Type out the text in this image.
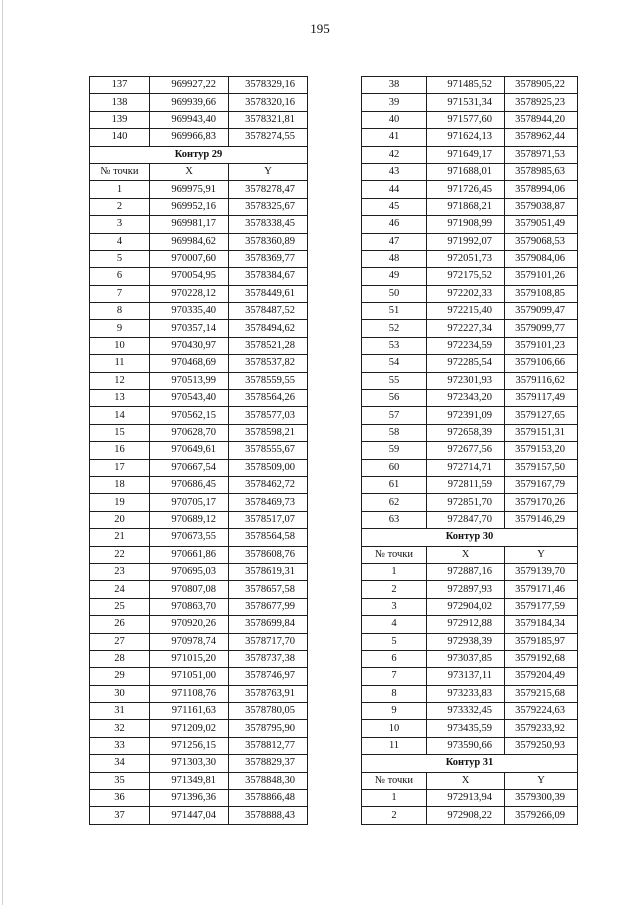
195
137	969927,22	3578329,16
138	969939,66	3578320,16
139	969943,40	3578321,81
140	969966,83	3578274,55
Контур 29		
№ точки	X	Y
1	969975,91	3578278,47
2	969952,16	3578325,67
3	969981,17	3578338,45
4	969984,62	3578360,89
5	970007,60	3578369,77
6	970054,95	3578384,67
7	970228,12	3578449,61
8	970335,40	3578487,52
9	970357,14	3578494,62
10	970430,97	3578521,28
11	970468,69	3578537,82
12	970513,99	3578559,55
13	970543,40	3578564,26
14	970562,15	3578577,03
15	970628,70	3578598,21
16	970649,61	3578555,67
17	970667,54	3578509,00
18	970686,45	3578462,72
19	970705,17	3578469,73
20	970689,12	3578517,07
21	970673,55	3578564,58
22	970661,86	3578608,76
23	970695,03	3578619,31
24	970807,08	3578657,58
25	970863,70	3578677,99
26	970920,26	3578699,84
27	970978,74	3578717,70
28	971015,20	3578737,38
29	971051,00	3578746,97
30	971108,76	3578763,91
31	971161,63	3578780,05
32	971209,02	3578795,90
33	971256,15	3578812,77
34	971303,30	3578829,37
35	971349,81	3578848,30
36	971396,36	3578866,48
37	971447,04	3578888,43
38	971485,52	3578905,22
39	971531,34	3578925,23
40	971577,60	3578944,20
41	971624,13	3578962,44
42	971649,17	3578971,53
43	971688,01	3578985,63
44	971726,45	3578994,06
45	971868,21	3579038,87
46	971908,99	3579051,49
47	971992,07	3579068,53
48	972051,73	3579084,06
49	972175,52	3579101,26
50	972202,33	3579108,85
51	972215,40	3579099,47
52	972227,34	3579099,77
53	972234,59	3579101,23
54	972285,54	3579106,66
55	972301,93	3579116,62
56	972343,20	3579117,49
57	972391,09	3579127,65
58	972658,39	3579151,31
59	972677,56	3579153,20
60	972714,71	3579157,50
61	972811,59	3579167,79
62	972851,70	3579170,26
63	972847,70	3579146,29
Контур 30		
№ точки	X	Y
1	972887,16	3579139,70
2	972897,93	3579171,46
3	972904,02	3579177,59
4	972912,88	3579184,34
5	972938,39	3579185,97
6	973037,85	3579192,68
7	973137,11	3579204,49
8	973233,83	3579215,68
9	973332,45	3579224,63
10	973435,59	3579233,92
11	973590,66	3579250,93
Контур 31		
№ точки	X	Y
1	972913,94	3579300,39
2	972908,22	3579266,09
